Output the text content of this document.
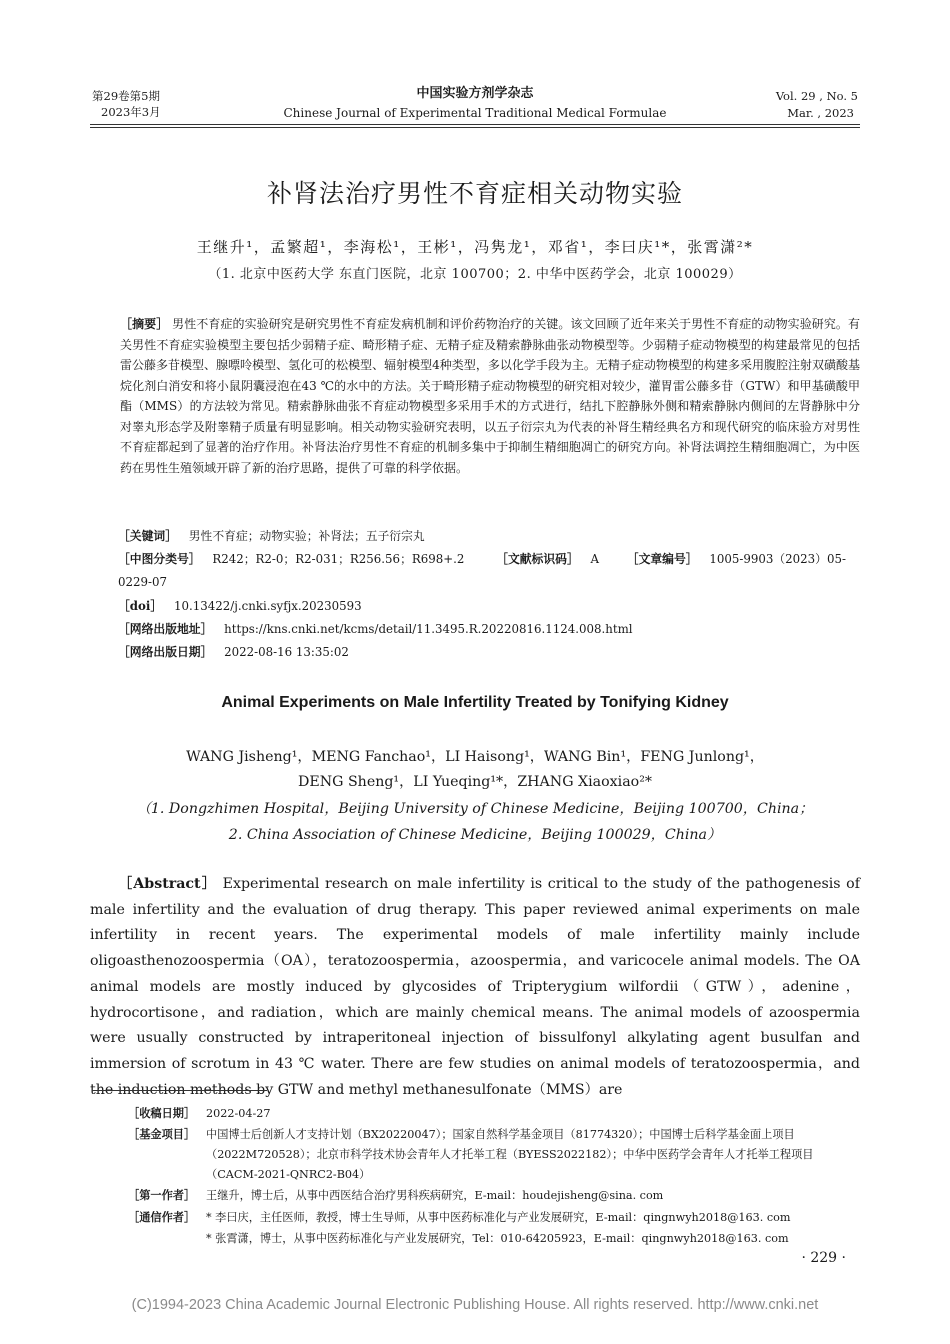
第29卷第5期
2023年3月
中国实验方剂学杂志
Chinese Journal of Experimental Traditional Medical Formulae
Vol. 29 , No. 5
Mar. , 2023
补肾法治疗男性不育症相关动物实验
王继升¹，孟繁超¹，李海松¹，王彬¹，冯隽龙¹，邓省¹，李曰庆¹*，张霄潇²*
（1. 北京中医药大学 东直门医院，北京 100700；2. 中华中医药学会，北京 100029）
［摘要］ 男性不育症的实验研究是研究男性不育症发病机制和评价药物治疗的关键。该文回顾了近年来关于男性不育症的动物实验研究。有关男性不育症实验模型主要包括少弱精子症、畸形精子症、无精子症及精索静脉曲张动物模型等。少弱精子症动物模型的构建最常见的包括雷公藤多苷模型、腺嘌呤模型、氢化可的松模型、辐射模型4种类型，多以化学手段为主。无精子症动物模型的构建多采用腹腔注射双磺酸基烷化剂白消安和将小鼠阴囊浸泡在43 ℃的水中的方法。关于畸形精子症动物模型的研究相对较少，灌胃雷公藤多苷（GTW）和甲基磺酸甲酯（MMS）的方法较为常见。精索静脉曲张不育症动物模型多采用手术的方式进行，结扎下腔静脉外侧和精索静脉内侧间的左肾静脉中分对睾丸形态学及附睾精子质量有明显影响。相关动物实验研究表明，以五子衍宗丸为代表的补肾生精经典名方和现代研究的临床验方对男性不育症都起到了显著的治疗作用。补肾法治疗男性不育症的机制多集中于抑制生精细胞凋亡的研究方向。补肾法调控生精细胞凋亡，为中医药在男性生殖领域开辟了新的治疗思路，提供了可靠的科学依据。
［关键词］ 男性不育症；动物实验；补肾法；五子衍宗丸
［中图分类号］ R242；R2-0；R2-031；R256.56；R698+.2	［文献标识码］ A ［文章编号］ 1005-9903（2023）05-
0229-07
［doi］ 10.13422/j.cnki.syfjx.20230593
［网络出版地址］ https://kns.cnki.net/kcms/detail/11.3495.R.20220816.1124.008.html
［网络出版日期］ 2022-08-16 13:35:02
Animal Experiments on Male Infertility Treated by Tonifying Kidney
WANG Jisheng¹，MENG Fanchao¹，LI Haisong¹，WANG Bin¹，FENG Junlong¹，
DENG Sheng¹，LI Yueqing¹*，ZHANG Xiaoxiao²*
（1. Dongzhimen Hospital，Beijing University of Chinese Medicine，Beijing 100700，China；
2. China Association of Chinese Medicine，Beijing 100029，China）
［Abstract］ Experimental research on male infertility is critical to the study of the pathogenesis of male infertility and the evaluation of drug therapy. This paper reviewed animal experiments on male infertility in recent years. The experimental models of male infertility mainly include oligoasthenozoospermia（OA），teratozoospermia，azoospermia，and varicocele animal models. The OA animal models are mostly induced by glycosides of Tripterygium wilfordii（GTW），adenine，hydrocortisone，and radiation，which are mainly chemical means. The animal models of azoospermia were usually constructed by intraperitoneal injection of bissulfonyl alkylating agent busulfan and immersion of scrotum in 43 ℃ water. There are few studies on animal models of teratozoospermia，and the induction methods by GTW and methyl methanesulfonate（MMS）are
［收稿日期］ 2022-04-27
［基金项目］ 中国博士后创新人才支持计划（BX20220047）；国家自然科学基金项目（81774320）；中国博士后科学基金面上项目
（2022M720528）；北京市科学技术协会青年人才托举工程（BYESS2022182）；中华中医药学会青年人才托举工程项目
（CACM-2021-QNRC2-B04）
［第一作者］ 王继升，博士后，从事中西医结合治疗男科疾病研究，E-mail：houdejisheng@sina. com
［通信作者］ * 李曰庆，主任医师，教授，博士生导师，从事中医药标准化与产业发展研究，E-mail：qingnwyh2018@163. com
* 张霄潇，博士，从事中医药标准化与产业发展研究，Tel：010-64205923，E-mail：qingnwyh2018@163. com
· 229 ·
(C)1994-2023 China Academic Journal Electronic Publishing House. All rights reserved. http://www.cnki.net
